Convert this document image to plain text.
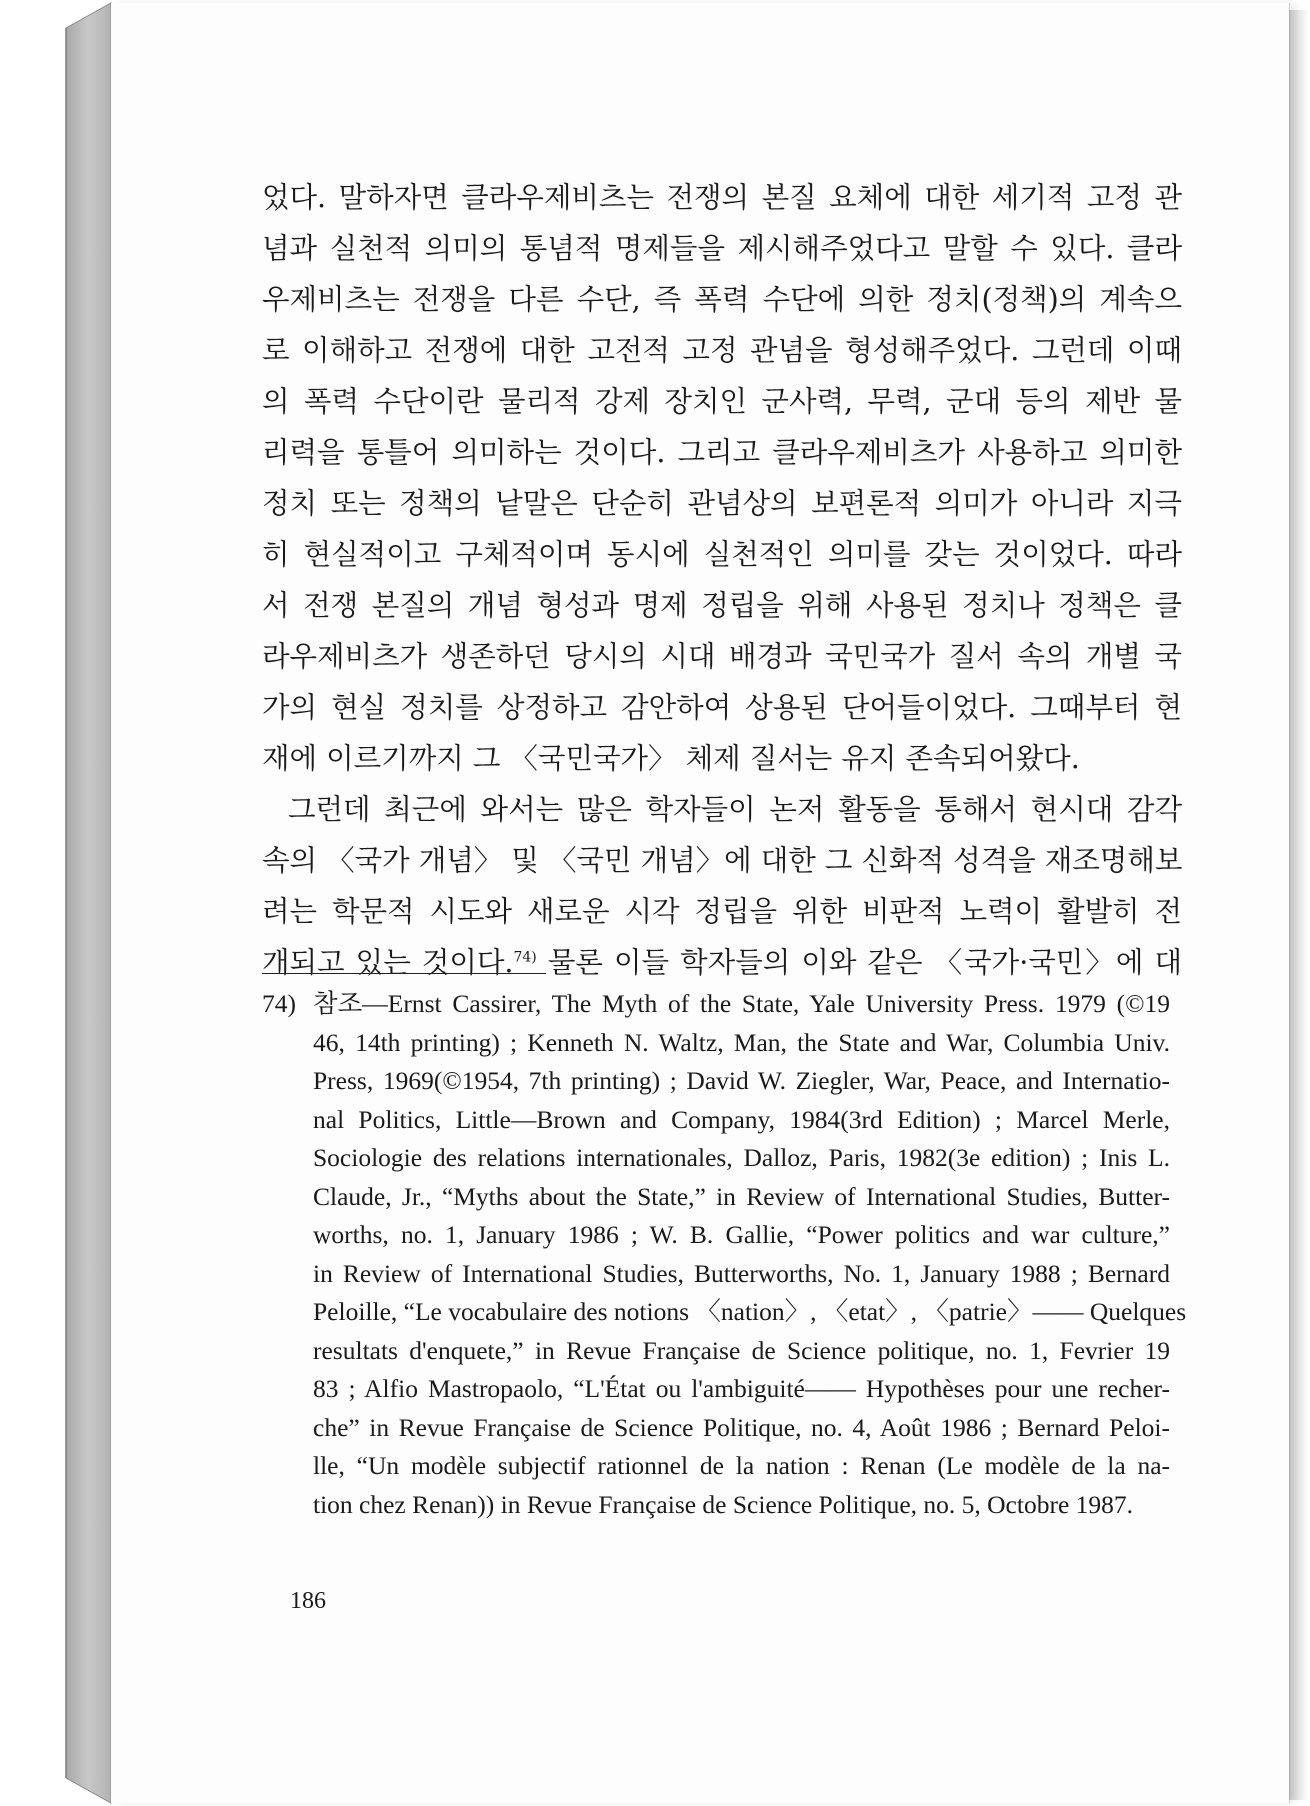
었다. 말하자면 클라우제비츠는 전쟁의 본질 요체에 대한 세기적 고정 관
념과 실천적 의미의 통념적 명제들을 제시해주었다고 말할 수 있다. 클라
우제비츠는 전쟁을 다른 수단, 즉 폭력 수단에 의한 정치(정책)의 계속으
로 이해하고 전쟁에 대한 고전적 고정 관념을 형성해주었다. 그런데 이때
의 폭력 수단이란 물리적 강제 장치인 군사력, 무력, 군대 등의 제반 물
리력을 통틀어 의미하는 것이다. 그리고 클라우제비츠가 사용하고 의미한
정치 또는 정책의 낱말은 단순히 관념상의 보편론적 의미가 아니라 지극
히 현실적이고 구체적이며 동시에 실천적인 의미를 갖는 것이었다. 따라
서 전쟁 본질의 개념 형성과 명제 정립을 위해 사용된 정치나 정책은 클
라우제비츠가 생존하던 당시의 시대 배경과 국민국가 질서 속의 개별 국
가의 현실 정치를 상정하고 감안하여 상용된 단어들이었다. 그때부터 현
재에 이르기까지 그 〈국민국가〉 체제 질서는 유지 존속되어왔다.
그런데 최근에 와서는 많은 학자들이 논저 활동을 통해서 현시대 감각
속의 〈국가 개념〉 및 〈국민 개념〉에 대한 그 신화적 성격을 재조명해보
려는 학문적 시도와 새로운 시각 정립을 위한 비판적 노력이 활발히 전
개되고 있는 것이다.$^{74)}$ 물론 이들 학자들의 이와 같은 〈국가·국민〉에 대
74) 참조—Ernst Cassirer, The Myth of the State, Yale University Press. 1979 (©19
46, 14th printing) ; Kenneth N. Waltz, Man, the State and War, Columbia Univ.
Press, 1969(©1954, 7th printing) ; David W. Ziegler, War, Peace, and Internatio-
nal Politics, Little—Brown and Company, 1984(3rd Edition) ; Marcel Merle,
Sociologie des relations internationales, Dalloz, Paris, 1982(3e edition) ; Inis L.
Claude, Jr., “Myths about the State,” in Review of International Studies, Butter-
worths, no. 1, January 1986 ; W. B. Gallie, “Power politics and war culture,”
in Review of International Studies, Butterworths, No. 1, January 1988 ; Bernard
Peloille, “Le vocabulaire des notions 〈nation〉, 〈etat〉, 〈patrie〉—— Quelques
resultats d'enquete,” in Revue Française de Science politique, no. 1, Fevrier 19
83 ; Alfio Mastropaolo, “L'État ou l'ambiguité—— Hypothèses pour une recher-
che” in Revue Française de Science Politique, no. 4, Août 1986 ; Bernard Peloi-
lle, “Un modèle subjectif rationnel de la nation : Renan (Le modèle de la na-
tion chez Renan)) in Revue Française de Science Politique, no. 5, Octobre 1987.
186
